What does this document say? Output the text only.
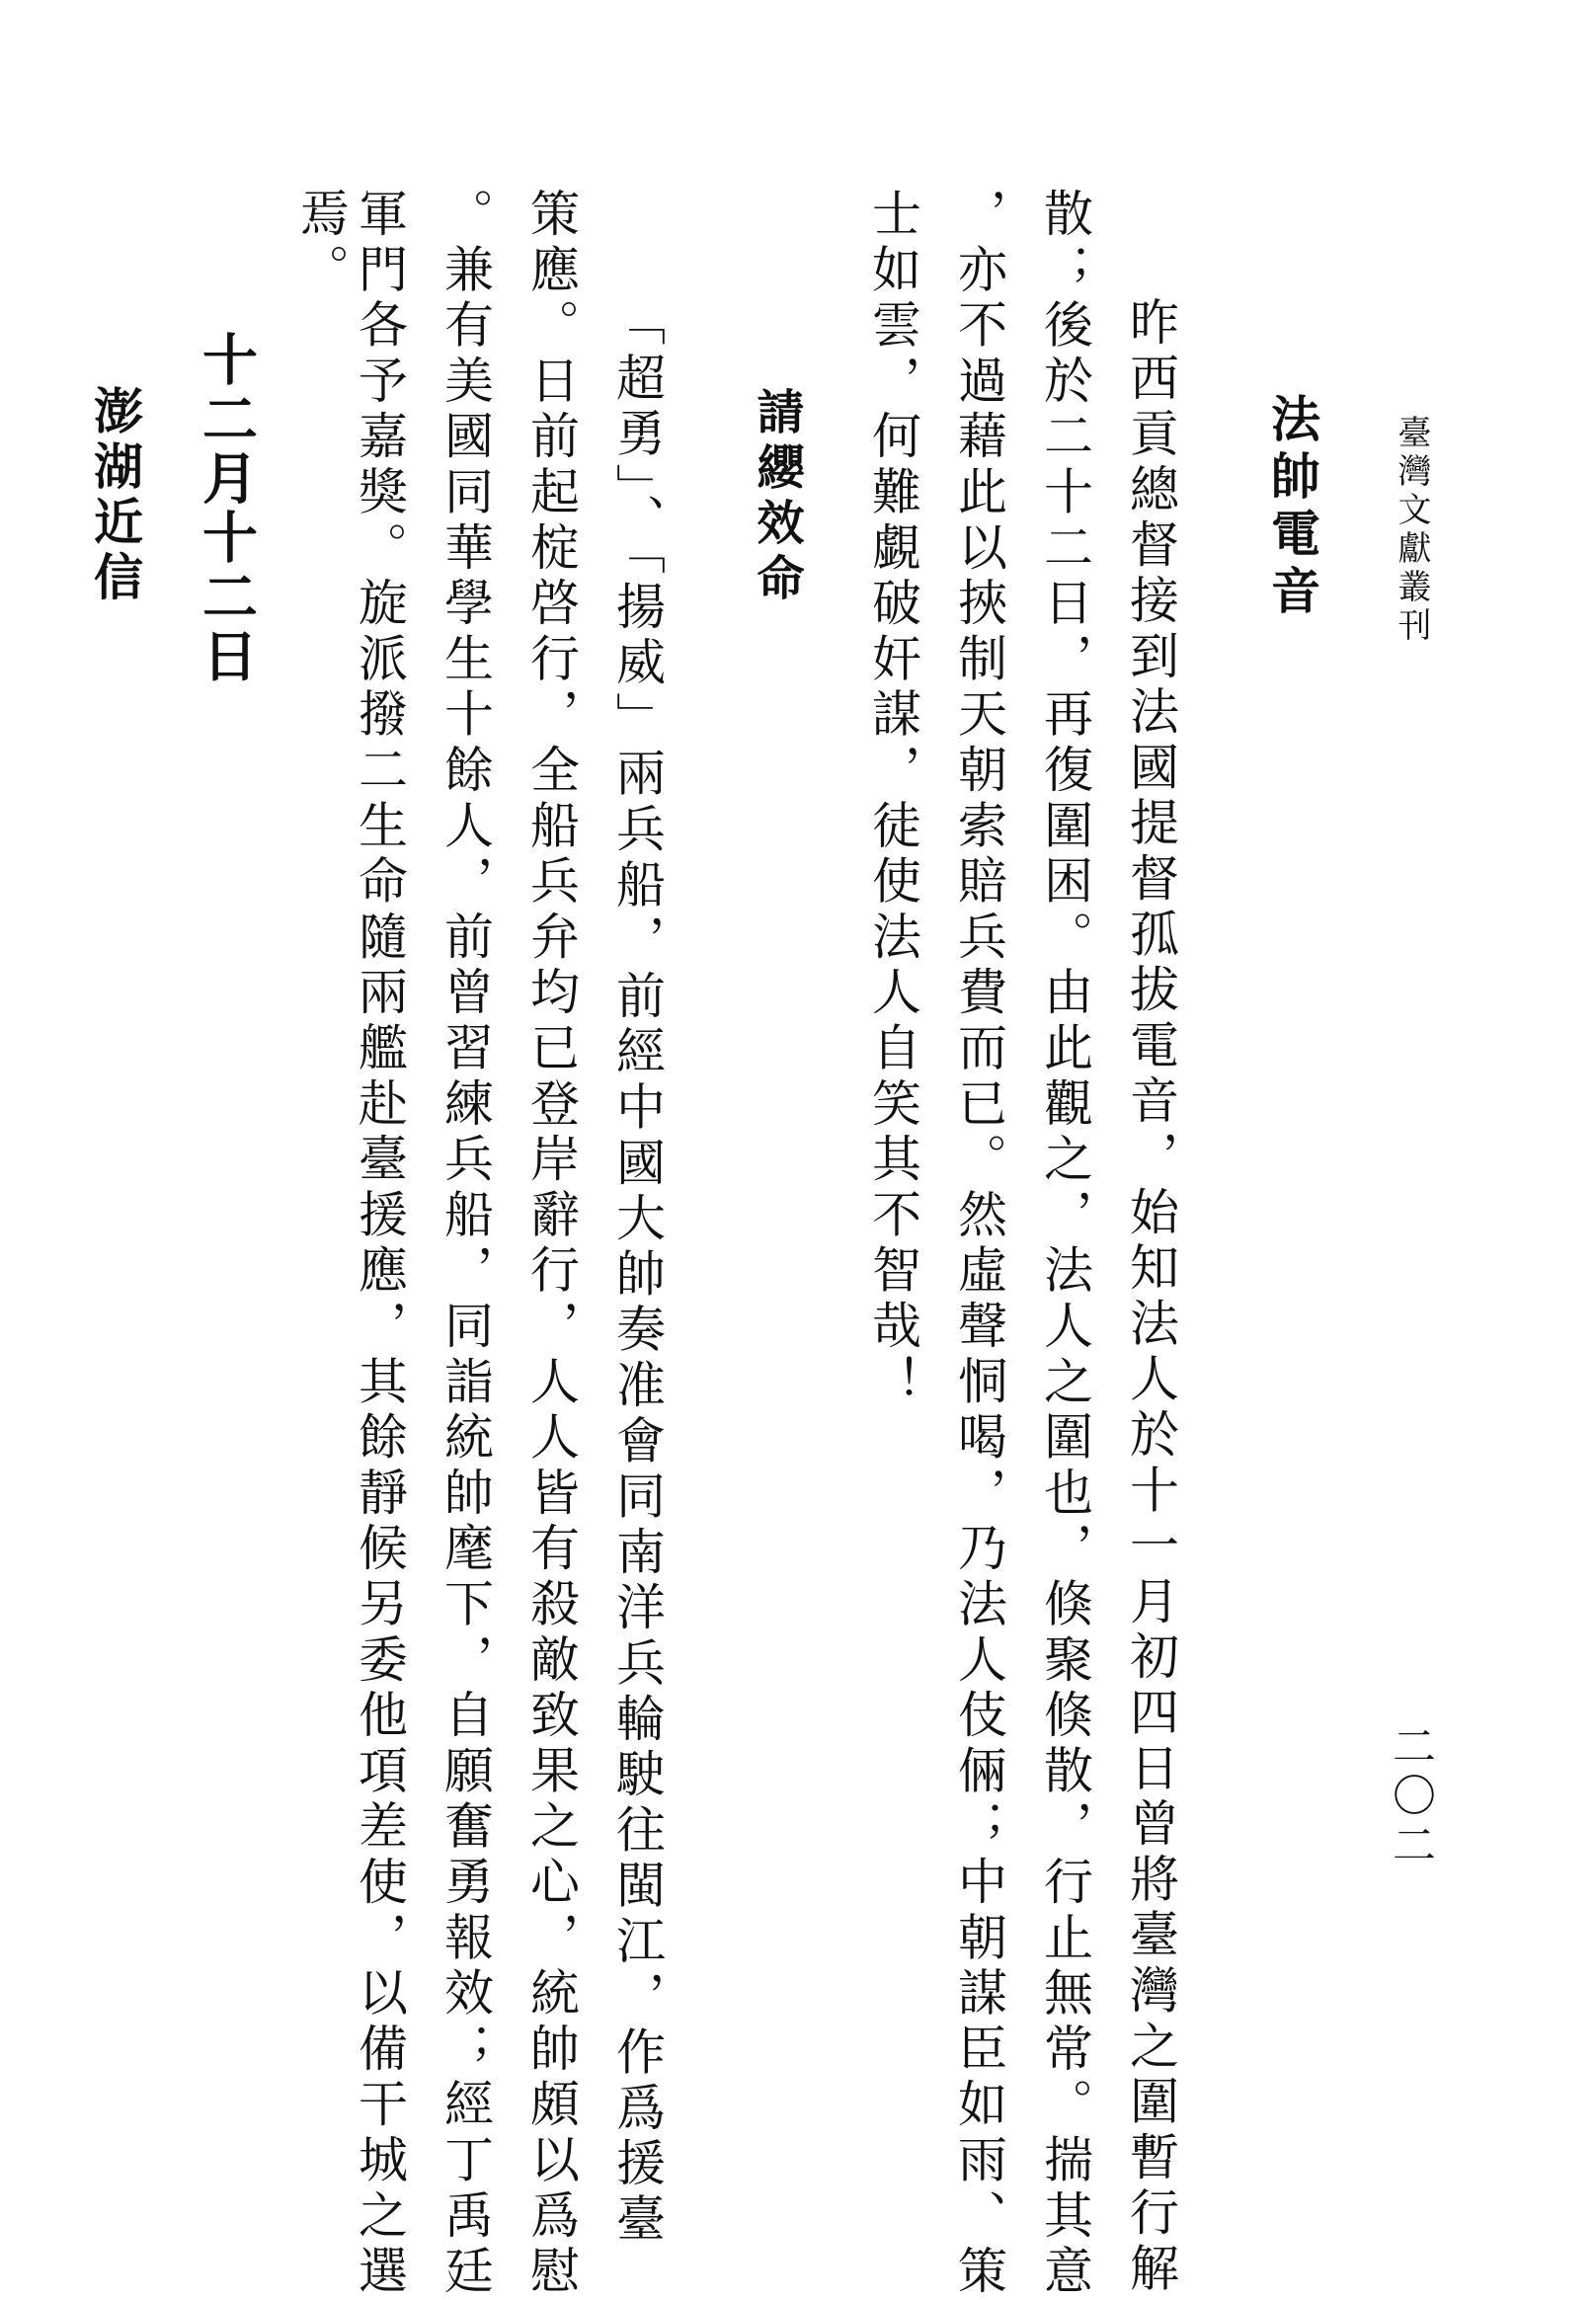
臺灣文獻叢刊
二〇二
法帥電音
昨西貢總督接到法國提督孤拔電音，始知法人於十一月初四日曾將臺灣之圍暫行解
散；後於二十二日，再復圍困。由此觀之，法人之圍也，倏聚倏散，行止無常。揣其意
，亦不過藉此以挾制天朝索賠兵費而已。然虛聲恫喝，乃法人伎倆；中朝謀臣如雨、策
士如雲，何難覷破奸謀，徒使法人自笑其不智哉！
請纓效命
「超勇」、「揚威」兩兵船，前經中國大帥奏准會同南洋兵輪駛往閩江，作爲援臺
策應。日前起椗啓行，全船兵弁均已登岸辭行，人人皆有殺敵致果之心，統帥頗以爲慰
。兼有美國同華學生十餘人，前曾習練兵船，同詣統帥麾下，自願奮勇報效；經丁禹廷
軍門各予嘉獎。旋派撥二生命隨兩艦赴臺援應，其餘靜候另委他項差使，以備干城之選
焉。
十二月十二日
澎湖近信
